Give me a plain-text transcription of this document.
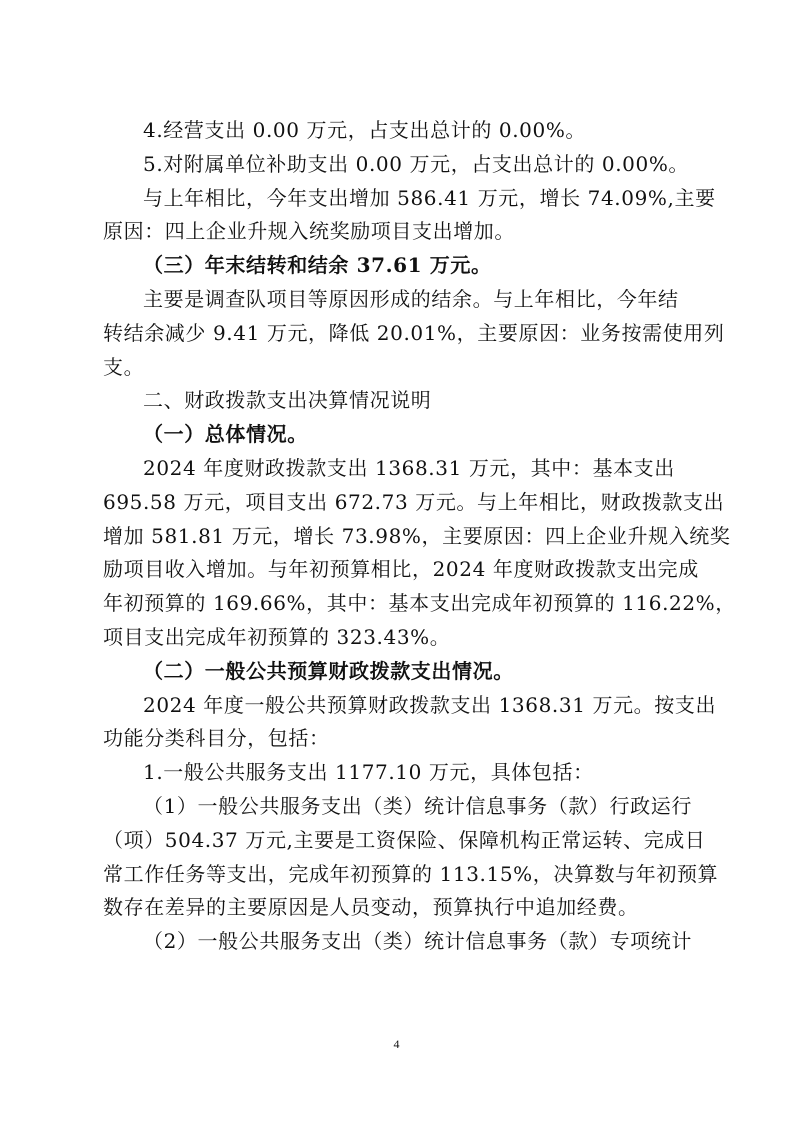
4.经营支出 0.00 万元，占支出总计的 0.00%。
5.对附属单位补助支出 0.00 万元，占支出总计的 0.00%。
与上年相比，今年支出增加 586.41 万元，增长 74.09%,主要
原因：四上企业升规入统奖励项目支出增加。
（三）年末结转和结余 37.61 万元。
主要是调查队项目等原因形成的结余。与上年相比，今年结
转结余减少 9.41 万元，降低 20.01%，主要原因：业务按需使用列
支。
二、财政拨款支出决算情况说明
（一）总体情况。
2024 年度财政拨款支出 1368.31 万元，其中：基本支出
695.58 万元，项目支出 672.73 万元。与上年相比，财政拨款支出
增加 581.81 万元，增长 73.98%，主要原因：四上企业升规入统奖
励项目收入增加。与年初预算相比，2024 年度财政拨款支出完成
年初预算的 169.66%，其中：基本支出完成年初预算的 116.22%，
项目支出完成年初预算的 323.43%。
（二）一般公共预算财政拨款支出情况。
2024 年度一般公共预算财政拨款支出 1368.31 万元。按支出
功能分类科目分，包括：
1.一般公共服务支出 1177.10 万元，具体包括：
（1）一般公共服务支出（类）统计信息事务（款）行政运行
（项）504.37 万元,主要是工资保险、保障机构正常运转、完成日
常工作任务等支出，完成年初预算的 113.15%，决算数与年初预算
数存在差异的主要原因是人员变动，预算执行中追加经费。
（2）一般公共服务支出（类）统计信息事务（款）专项统计
4
